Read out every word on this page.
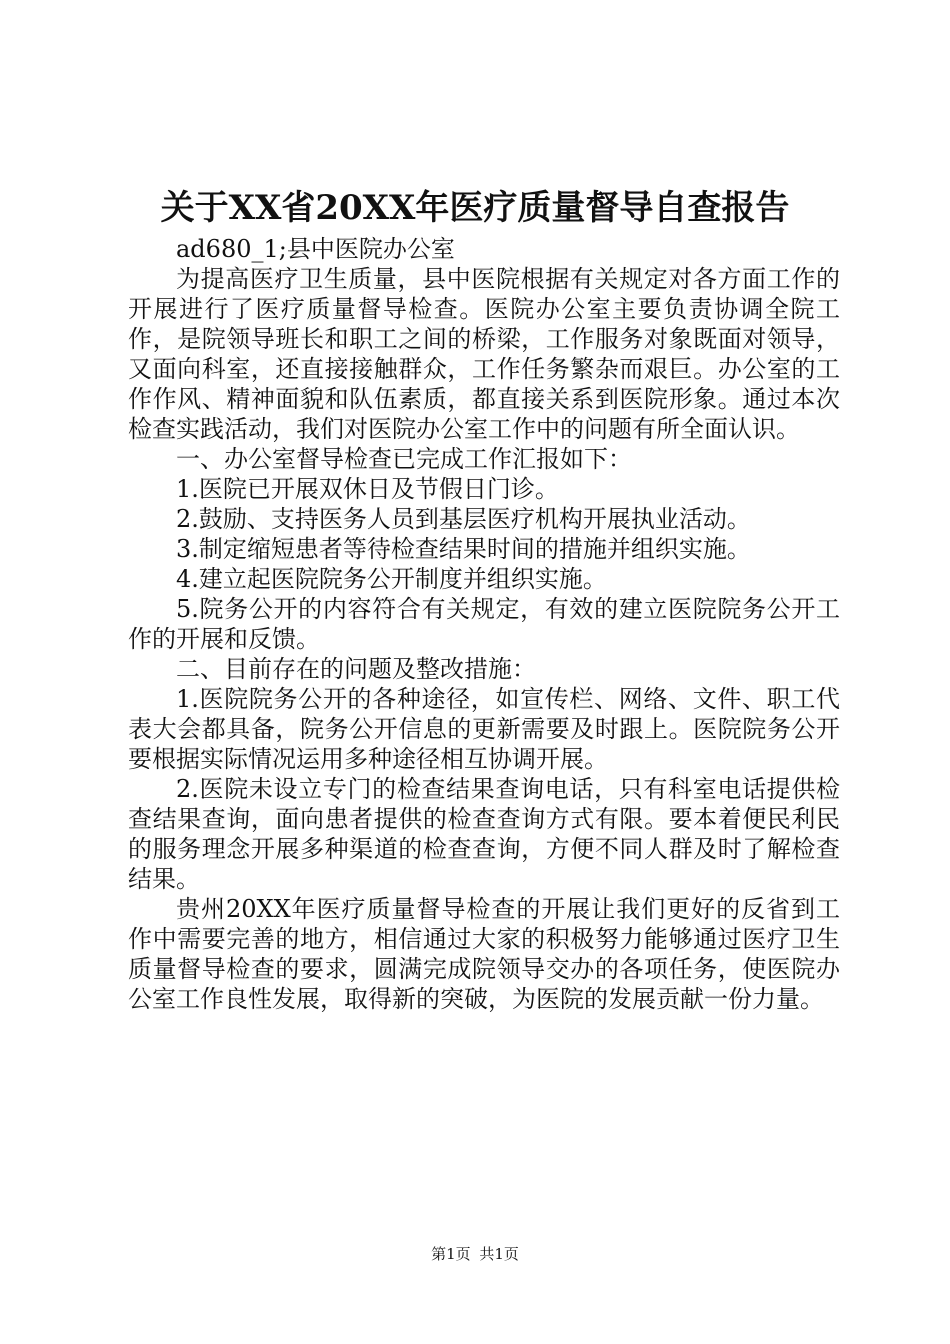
关于XX省20XX年医疗质量督导自查报告

ad680_1;县中医院办公室

为提高医疗卫生质量，县中医院根据有关规定对各方面工作的开展进行了医疗质量督导检查。医院办公室主要负责协调全院工作，是院领导班长和职工之间的桥梁，工作服务对象既面对领导，又面向科室，还直接接触群众，工作任务繁杂而艰巨。办公室的工作作风、精神面貌和队伍素质，都直接关系到医院形象。通过本次检查实践活动，我们对医院办公室工作中的问题有所全面认识。

一、办公室督导检查已完成工作汇报如下：

1.医院已开展双休日及节假日门诊。

2.鼓励、支持医务人员到基层医疗机构开展执业活动。

3.制定缩短患者等待检查结果时间的措施并组织实施。

4.建立起医院院务公开制度并组织实施。

5.院务公开的内容符合有关规定，有效的建立医院院务公开工作的开展和反馈。

二、目前存在的问题及整改措施：

1.医院院务公开的各种途径，如宣传栏、网络、文件、职工代表大会都具备，院务公开信息的更新需要及时跟上。医院院务公开要根据实际情况运用多种途径相互协调开展。

2.医院未设立专门的检查结果查询电话，只有科室电话提供检查结果查询，面向患者提供的检查查询方式有限。要本着便民利民的服务理念开展多种渠道的检查查询，方便不同人群及时了解检查结果。

贵州20XX年医疗质量督导检查的开展让我们更好的反省到工作中需要完善的地方，相信通过大家的积极努力能够通过医疗卫生质量督导检查的要求，圆满完成院领导交办的各项任务，使医院办公室工作良性发展，取得新的突破，为医院的发展贡献一份力量。

第1页 共1页
